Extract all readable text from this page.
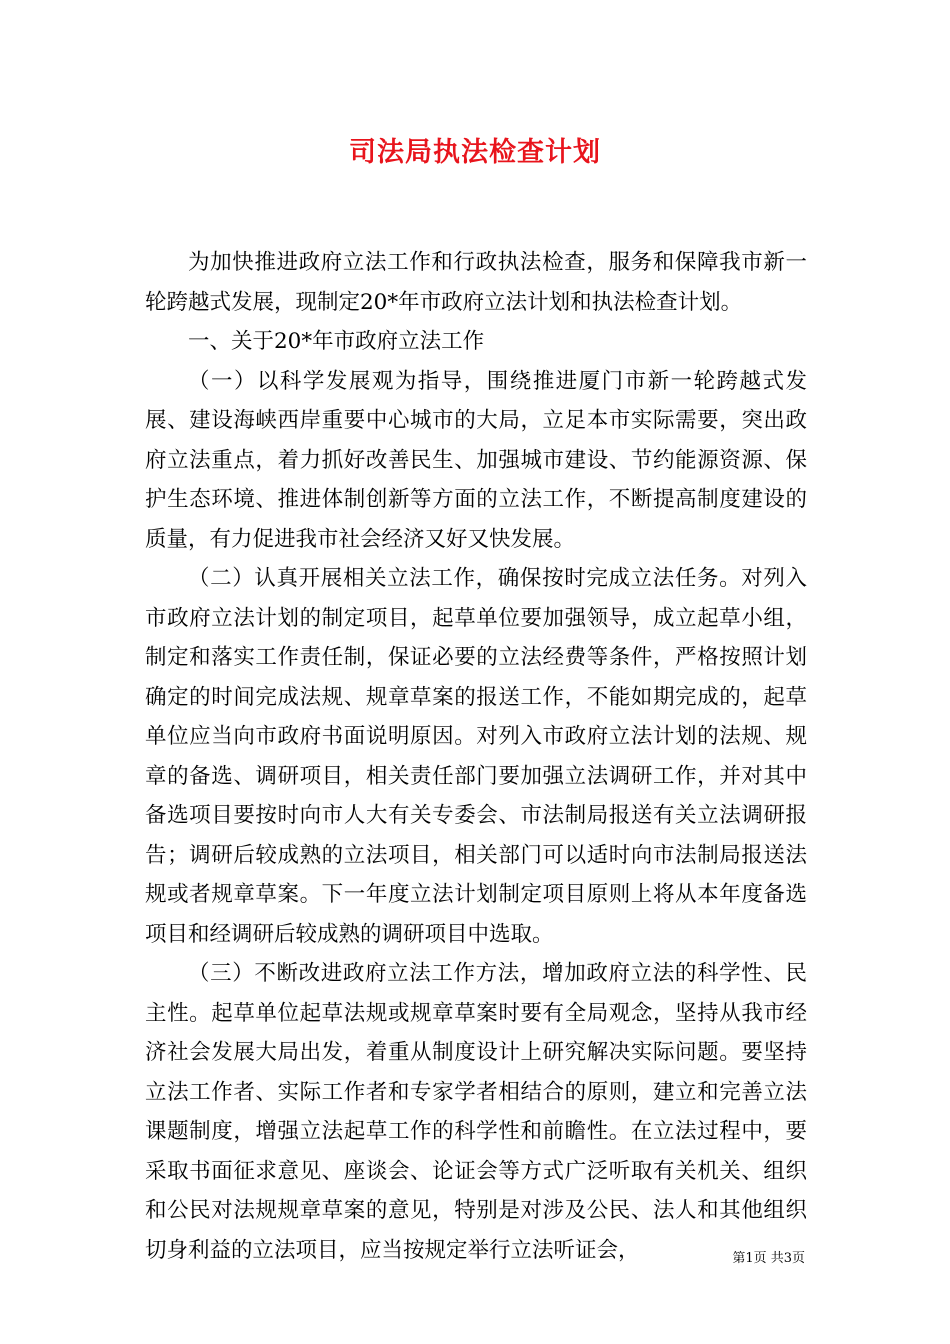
司法局执法检查计划

为加快推进政府立法工作和行政执法检查，服务和保障我市新一轮跨越式发展，现制定20*年市政府立法计划和执法检查计划。

一、关于20*年市政府立法工作

（一）以科学发展观为指导，围绕推进厦门市新一轮跨越式发展、建设海峡西岸重要中心城市的大局，立足本市实际需要，突出政府立法重点，着力抓好改善民生、加强城市建设、节约能源资源、保护生态环境、推进体制创新等方面的立法工作，不断提高制度建设的质量，有力促进我市社会经济又好又快发展。

（二）认真开展相关立法工作，确保按时完成立法任务。对列入市政府立法计划的制定项目，起草单位要加强领导，成立起草小组，制定和落实工作责任制，保证必要的立法经费等条件，严格按照计划确定的时间完成法规、规章草案的报送工作，不能如期完成的，起草单位应当向市政府书面说明原因。对列入市政府立法计划的法规、规章的备选、调研项目，相关责任部门要加强立法调研工作，并对其中备选项目要按时向市人大有关专委会、市法制局报送有关立法调研报告；调研后较成熟的立法项目，相关部门可以适时向市法制局报送法规或者规章草案。下一年度立法计划制定项目原则上将从本年度备选项目和经调研后较成熟的调研项目中选取。

（三）不断改进政府立法工作方法，增加政府立法的科学性、民主性。起草单位起草法规或规章草案时要有全局观念，坚持从我市经济社会发展大局出发，着重从制度设计上研究解决实际问题。要坚持立法工作者、实际工作者和专家学者相结合的原则，建立和完善立法课题制度，增强立法起草工作的科学性和前瞻性。在立法过程中，要采取书面征求意见、座谈会、论证会等方式广泛听取有关机关、组织和公民对法规规章草案的意见，特别是对涉及公民、法人和其他组织切身利益的立法项目，应当按规定举行立法听证会，	第1页 共3页
